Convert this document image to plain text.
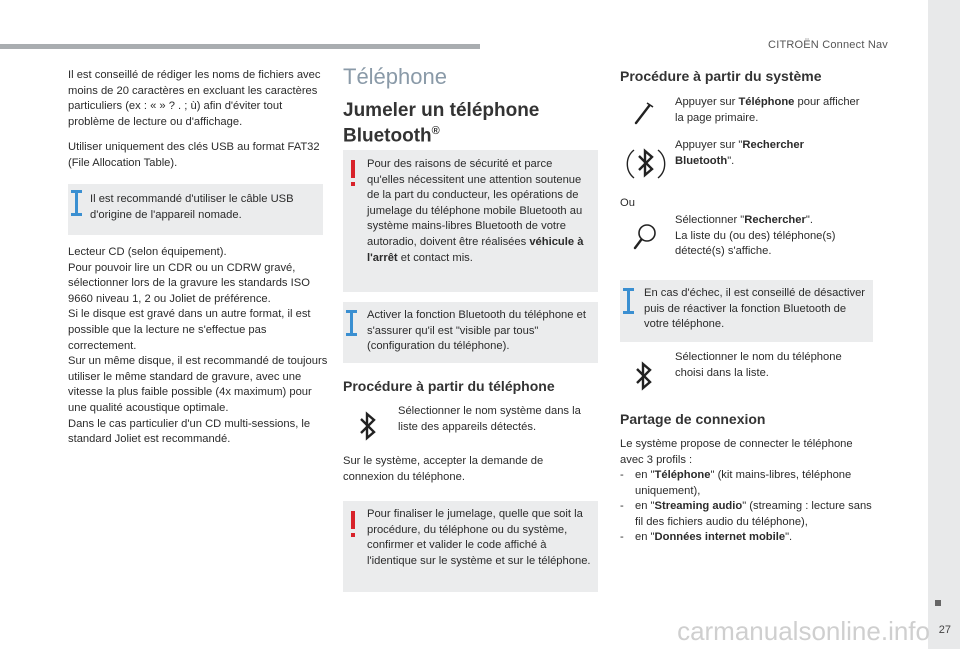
CITROËN Connect Nav
27
carmanualsonline.info

Il est conseillé de rédiger les noms de fichiers avec moins de 20 caractères en excluant les caractères particuliers (ex : « » ? . ; ù) afin d'éviter tout problème de lecture ou d'affichage.

Utiliser uniquement des clés USB au format FAT32 (File Allocation Table).

Il est recommandé d'utiliser le câble USB d'origine de l'appareil nomade.

Lecteur CD (selon équipement).

Pour pouvoir lire un CDR ou un CDRW gravé, sélectionner lors de la gravure les standards ISO 9660 niveau 1, 2 ou Joliet de préférence.

Si le disque est gravé dans un autre format, il est possible que la lecture ne s'effectue pas correctement.

Sur un même disque, il est recommandé de toujours utiliser le même standard de gravure, avec une vitesse la plus faible possible (4x maximum) pour une qualité acoustique optimale.

Dans le cas particulier d'un CD multi-sessions, le standard Joliet est recommandé.

Téléphone
Jumeler un téléphone
Bluetooth®

Pour des raisons de sécurité et parce qu'elles nécessitent une attention soutenue de la part du conducteur, les opérations de jumelage du téléphone mobile Bluetooth au système mains-libres Bluetooth de votre autoradio, doivent être réalisées véhicule à l'arrêt et contact mis.

Activer la fonction Bluetooth du téléphone et s'assurer qu'il est "visible par tous" (configuration du téléphone).

Procédure à partir du téléphone

Sélectionner le nom système dans la liste des appareils détectés.

Sur le système, accepter la demande de connexion du téléphone.

Pour finaliser le jumelage, quelle que soit la procédure, du téléphone ou du système, confirmer et valider le code affiché à l'identique sur le système et sur le téléphone.

Procédure à partir du système

Appuyer sur Téléphone pour afficher la page primaire.

Appuyer sur "Rechercher Bluetooth".

Ou

Sélectionner "Rechercher".

La liste du (ou des) téléphone(s) détecté(s) s'affiche.

En cas d'échec, il est conseillé de désactiver puis de réactiver la fonction Bluetooth de votre téléphone.

Sélectionner le nom du téléphone choisi dans la liste.

Partage de connexion

Le système propose de connecter le téléphone avec 3 profils :

- en "Téléphone" (kit mains-libres, téléphone uniquement),
- en "Streaming audio" (streaming : lecture sans fil des fichiers audio du téléphone),
- en "Données internet mobile".
